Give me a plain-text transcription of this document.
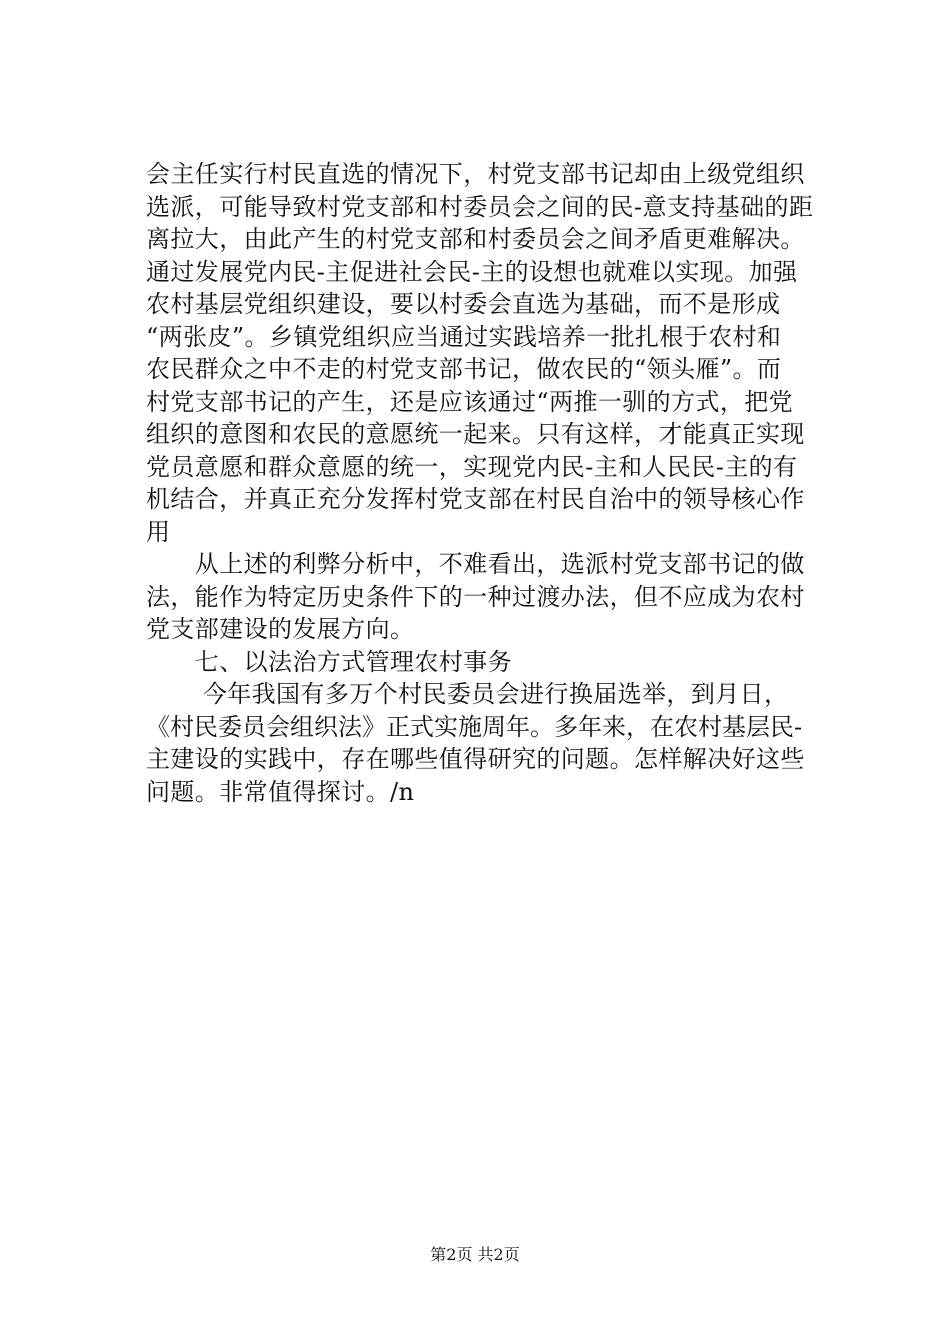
会主任实行村民直选的情况下，村党支部书记却由上级党组织
选派，可能导致村党支部和村委员会之间的民-意支持基础的距
离拉大，由此产生的村党支部和村委员会之间矛盾更难解决。
通过发展党内民-主促进社会民-主的设想也就难以实现。加强
农村基层党组织建设，要以村委会直选为基础，而不是形成
“两张皮”。乡镇党组织应当通过实践培养一批扎根于农村和
农民群众之中不走的村党支部书记，做农民的“领头雁”。而
村党支部书记的产生，还是应该通过“两推一驯的方式，把党
组织的意图和农民的意愿统一起来。只有这样，才能真正实现
党员意愿和群众意愿的统一，实现党内民-主和人民民-主的有
机结合，并真正充分发挥村党支部在村民自治中的领导核心作
用
　　从上述的利弊分析中，不难看出，选派村党支部书记的做
法，能作为特定历史条件下的一种过渡办法，但不应成为农村
党支部建设的发展方向。
　　七、以法治方式管理农村事务
　　 今年我国有多万个村民委员会进行换届选举，到月日，
《村民委员会组织法》正式实施周年。多年来，在农村基层民-
主建设的实践中，存在哪些值得研究的问题。怎样解决好这些
问题。非常值得探讨。/n
第2页 共2页
